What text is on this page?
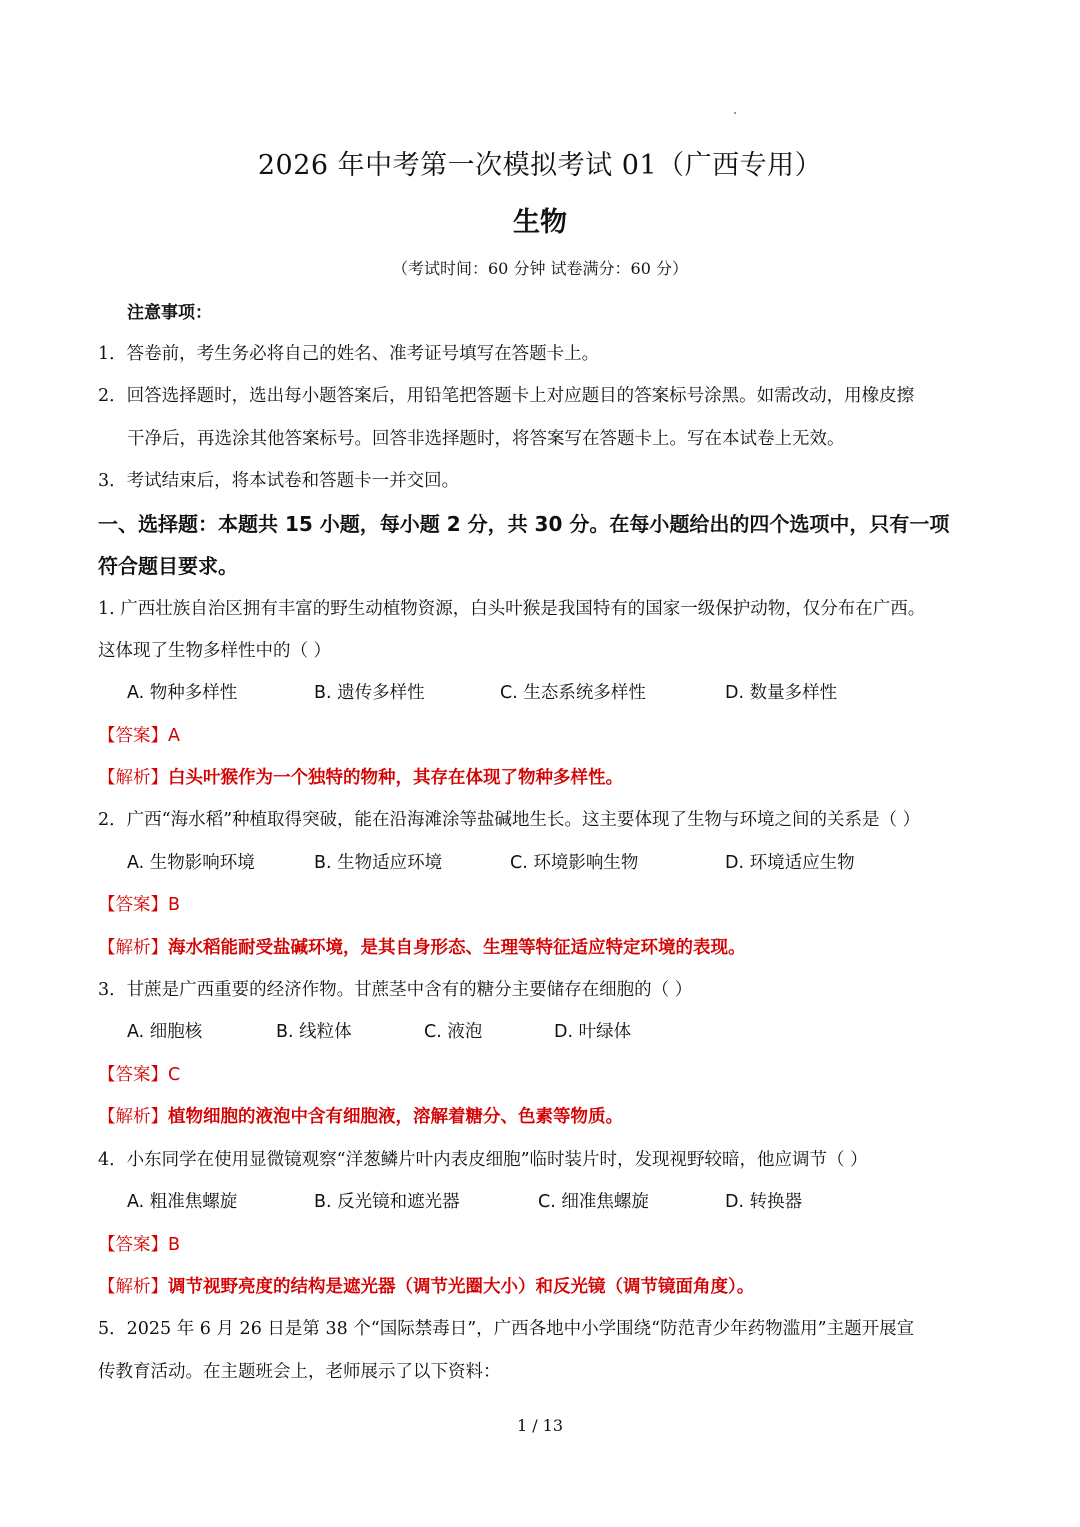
2026 年中考第一次模拟考试 01（广西专用）
生物
（考试时间：60 分钟 试卷满分：60 分）
注意事项：
1．答卷前，考生务必将自己的姓名、准考证号填写在答题卡上。
2．回答选择题时，选出每小题答案后，用铅笔把答题卡上对应题目的答案标号涂黑。如需改动，用橡皮擦
干净后，再选涂其他答案标号。回答非选择题时，将答案写在答题卡上。写在本试卷上无效。
3．考试结束后，将本试卷和答题卡一并交回。
一、选择题：本题共 15 小题，每小题 2 分，共 30 分。在每小题给出的四个选项中，只有一项
符合题目要求。
1. 广西壮族自治区拥有丰富的野生动植物资源，白头叶猴是我国特有的国家一级保护动物，仅分布在广西。
这体现了生物多样性中的（ ）
A. 物种多样性	B. 遗传多样性	C. 生态系统多样性	D. 数量多样性
【答案】A
【解析】白头叶猴作为一个独特的物种，其存在体现了物种多样性。
2．广西“海水稻”种植取得突破，能在沿海滩涂等盐碱地生长。这主要体现了生物与环境之间的关系是（ ）
A. 生物影响环境	B. 生物适应环境	C. 环境影响生物	D. 环境适应生物
【答案】B
【解析】海水稻能耐受盐碱环境，是其自身形态、生理等特征适应特定环境的表现。
3．甘蔗是广西重要的经济作物。甘蔗茎中含有的糖分主要储存在细胞的（ ）
A. 细胞核	B. 线粒体	C. 液泡	D. 叶绿体
【答案】C
【解析】植物细胞的液泡中含有细胞液，溶解着糖分、色素等物质。
4．小东同学在使用显微镜观察“洋葱鳞片叶内表皮细胞”临时装片时，发现视野较暗，他应调节（ ）
A. 粗准焦螺旋	B. 反光镜和遮光器	C. 细准焦螺旋	D. 转换器
【答案】B
【解析】调节视野亮度的结构是遮光器（调节光圈大小）和反光镜（调节镜面角度）。
5．2025 年 6 月 26 日是第 38 个“国际禁毒日”，广西各地中小学围绕“防范青少年药物滥用”主题开展宣
传教育活动。在主题班会上，老师展示了以下资料：
1 / 13
